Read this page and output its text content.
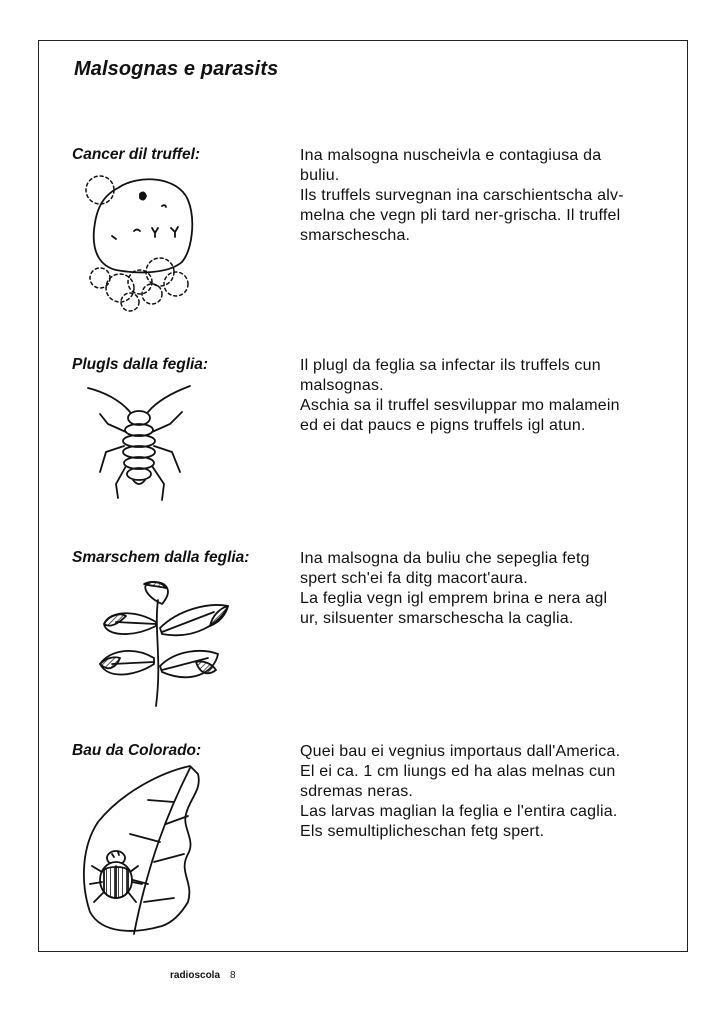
Malsognas e parasits
Cancer dil truffel:	Ina malsogna nuscheivla e contagiusa da
buliu.
Ils truffels survegnan ina carschientscha alv-
melna che vegn pli tard ner-grischa. Il truffel
smarschescha.
Plugls dalla feglia:	Il plugl da feglia sa infectar ils truffels cun
malsognas.
Aschia sa il truffel sesviluppar mo malamein
ed ei dat paucs e pigns truffels igl atun.
Smarschem dalla feglia:	Ina malsogna da buliu che sepeglia fetg
spert sch'ei fa ditg macort'aura.
La feglia vegn igl emprem brina e nera agl
ur, silsuenter smarschescha la caglia.
Bau da Colorado:	Quei bau ei vegnius importaus dall'America.
El ei ca. 1 cm liungs ed ha alas melnas cun
sdremas neras.
Las larvas maglian la feglia e l'entira caglia.
Els semultiplicheschan fetg spert.
radioscola 8
